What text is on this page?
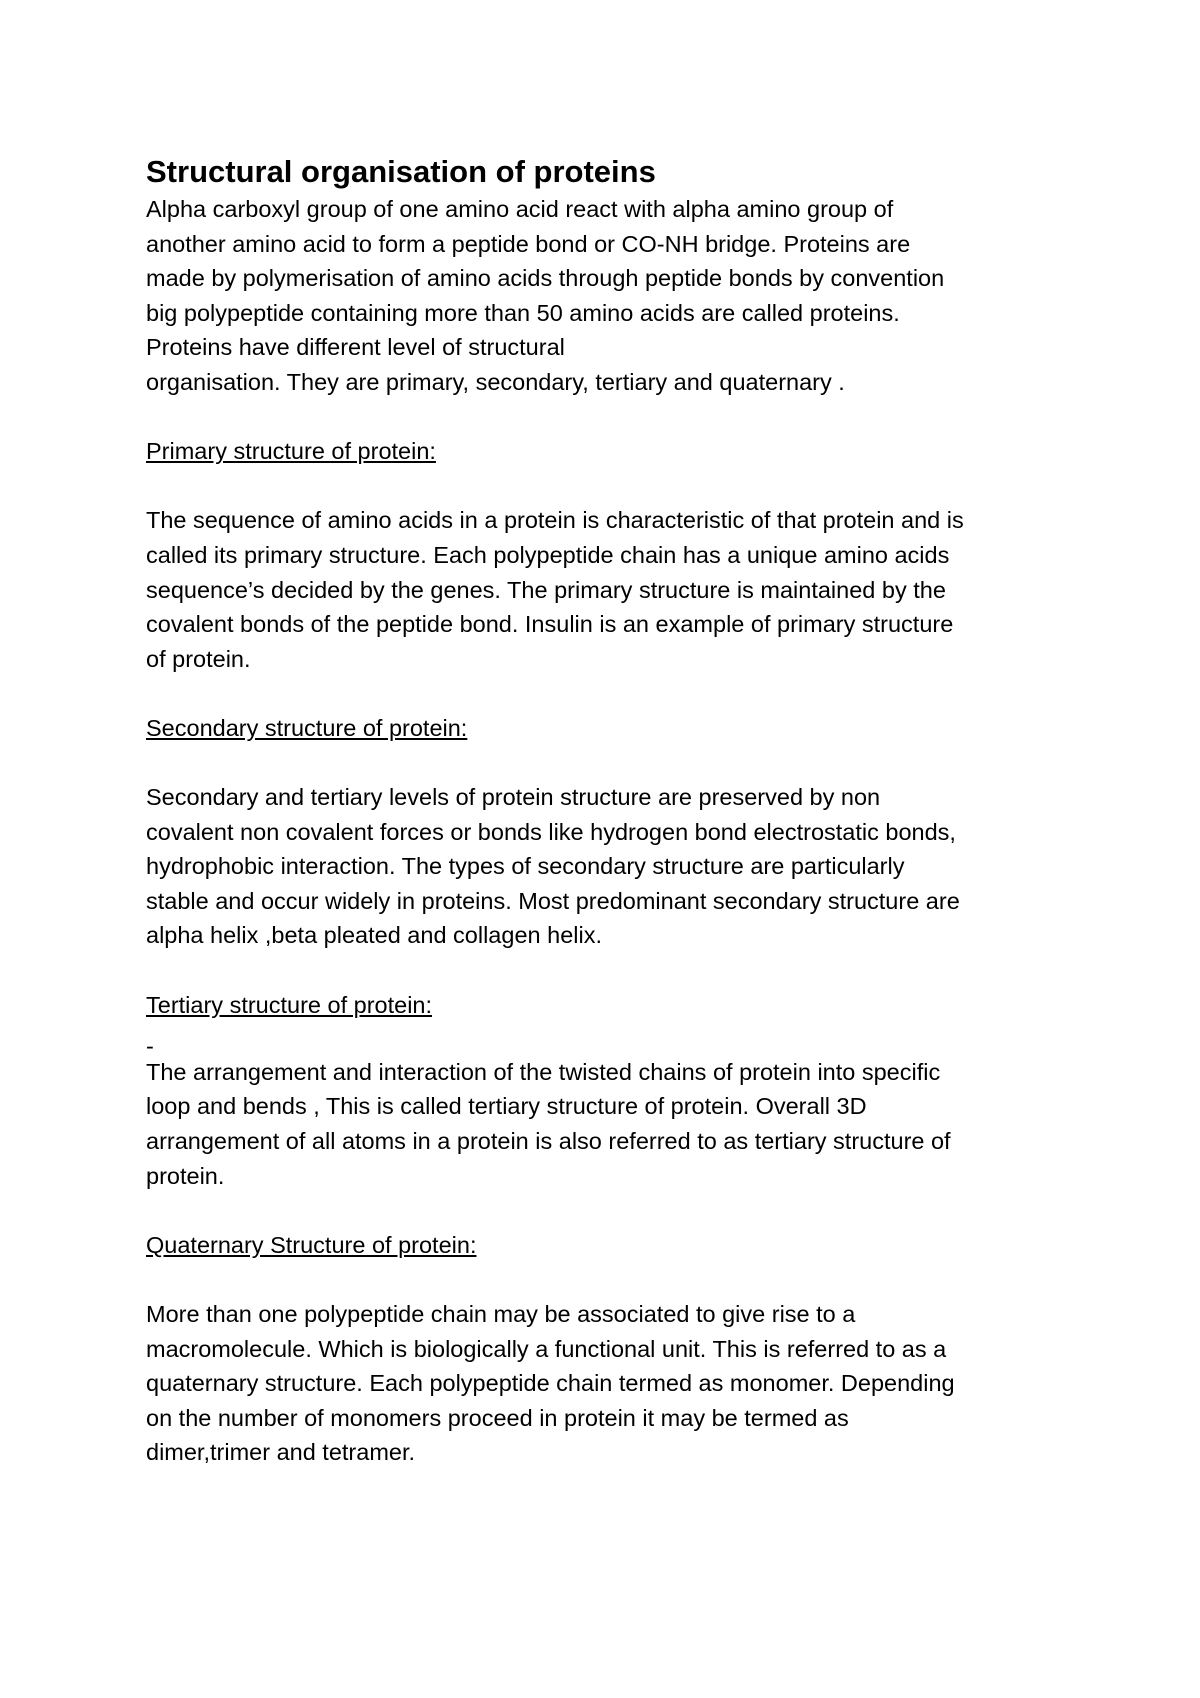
Structural organisation of proteins

Alpha carboxyl group of one amino acid react with alpha amino group of
another amino acid to form a peptide bond or CO-NH bridge. Proteins are
made by polymerisation of amino acids through peptide bonds by convention
big polypeptide containing more than 50 amino acids are called proteins.
Proteins have different level of structural
organisation. They are primary, secondary, tertiary and quaternary .

Primary structure of protein:

The sequence of amino acids in a protein is characteristic of that protein and is
called its primary structure. Each polypeptide chain has a unique amino acids
sequence’s decided by the genes. The primary structure is maintained by the
covalent bonds of the peptide bond. Insulin is an example of primary structure
of protein.

Secondary structure of protein:

Secondary and tertiary levels of protein structure are preserved by non
covalent non covalent forces or bonds like hydrogen bond electrostatic bonds,
hydrophobic interaction. The types of secondary structure are particularly
stable and occur widely in proteins. Most predominant secondary structure are
alpha helix ,beta pleated and collagen helix.

Tertiary structure of protein:

-

The arrangement and interaction of the twisted chains of protein into specific
loop and bends , This is called tertiary structure of protein. Overall 3D
arrangement of all atoms in a protein is also referred to as tertiary structure of
protein.

Quaternary Structure of protein:

More than one polypeptide chain may be associated to give rise to a
macromolecule. Which is biologically a functional unit. This is referred to as a
quaternary structure. Each polypeptide chain termed as monomer. Depending
on the number of monomers proceed in protein it may be termed as
dimer,trimer and tetramer.
